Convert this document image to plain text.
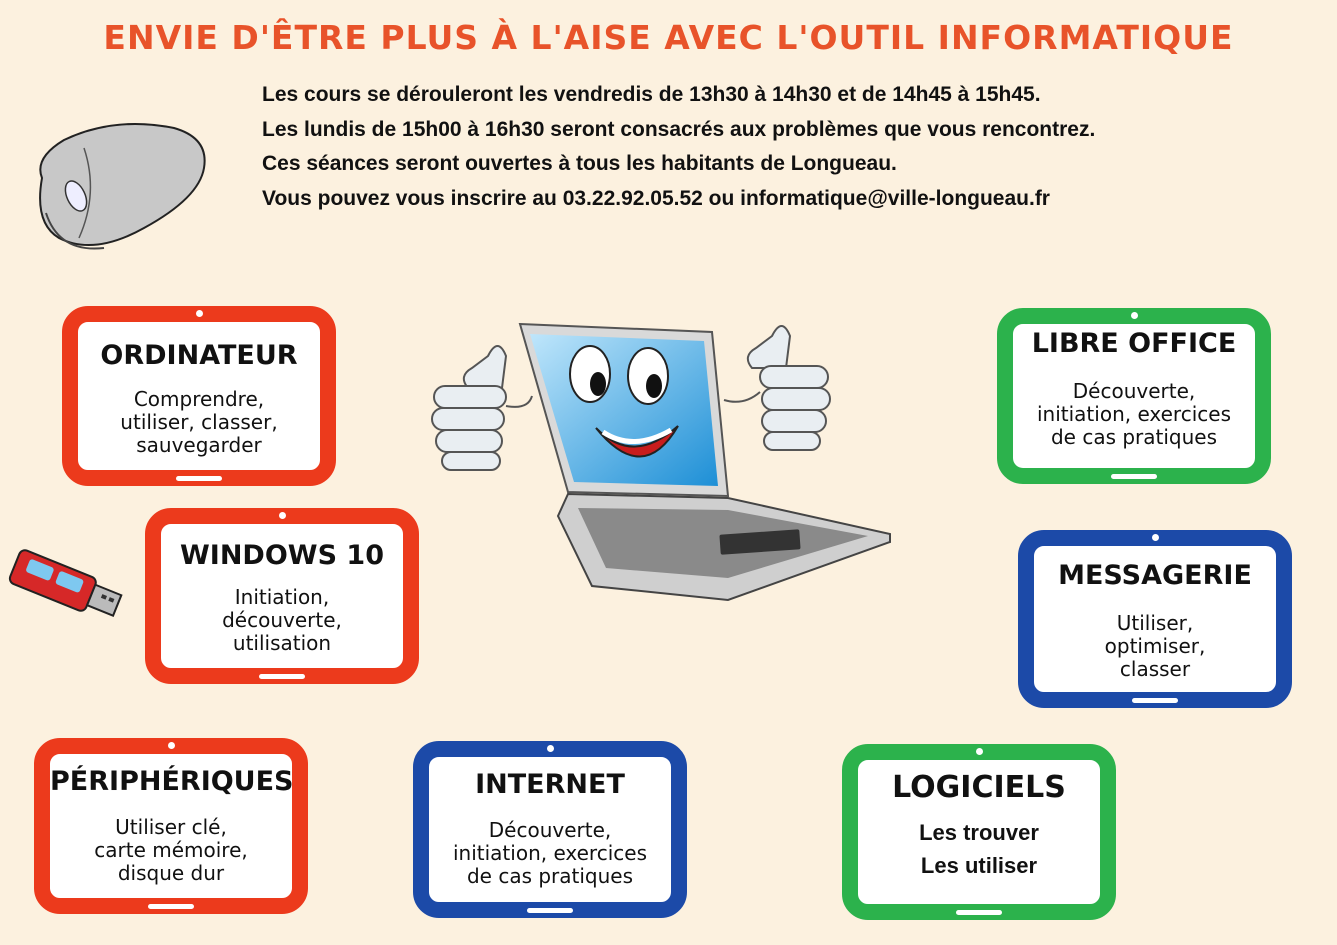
ENVIE D'ÊTRE PLUS À L'AISE AVEC L'OUTIL INFORMATIQUE
Les cours se dérouleront les vendredis de 13h30 à 14h30 et de 14h45 à 15h45.
Les lundis de 15h00 à 16h30 seront consacrés aux problèmes que vous rencontrez.
Ces séances seront ouvertes à tous les habitants de Longueau.
Vous pouvez vous inscrire au 03.22.92.05.52 ou informatique@ville-longueau.fr
ORDINATEUR
Comprendre,
utiliser, classer,
sauvegarder
WINDOWS 10
Initiation,
découverte,
utilisation
PÉRIPHÉRIQUES
Utiliser clé,
carte mémoire,
disque dur
INTERNET
Découverte,
initiation, exercices
de cas pratiques
LOGICIELS
Les trouver
Les utiliser
LIBRE OFFICE
Découverte,
initiation, exercices
de cas pratiques
MESSAGERIE
Utiliser,
optimiser,
classer
